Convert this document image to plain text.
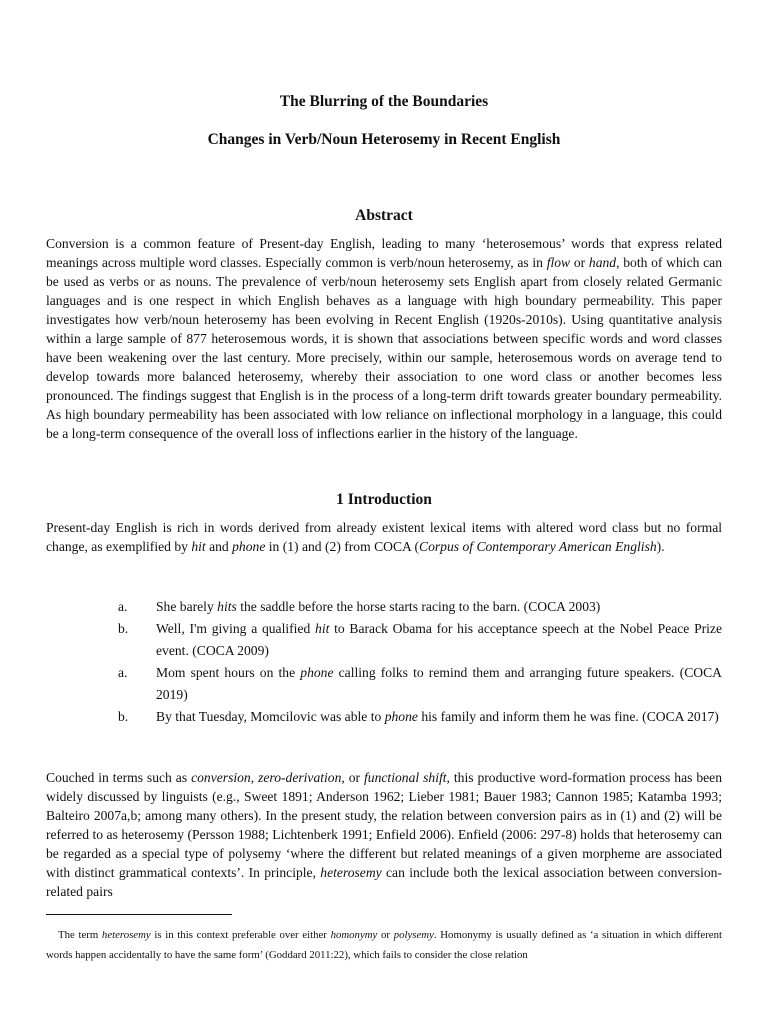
The Blurring of the Boundaries
Changes in Verb/Noun Heterosemy in Recent English
Abstract

Conversion is a common feature of Present-day English, leading to many ‘heterosemous’ words that express related meanings across multiple word classes. Especially common is verb/noun heterosemy, as in flow or hand, both of which can be used as verbs or as nouns. The prevalence of verb/noun heterosemy sets English apart from closely related Germanic languages and is one respect in which English behaves as a language with high boundary permeability. This paper investigates how verb/noun heterosemy has been evolving in Recent English (1920s-2010s). Using quantitative analysis within a large sample of 877 heterosemous words, it is shown that associations between specific words and word classes have been weakening over the last century. More precisely, within our sample, heterosemous words on average tend to develop towards more balanced heterosemy, whereby their association to one word class or another becomes less pronounced. The findings suggest that English is in the process of a long-term drift towards greater boundary permeability. As high boundary permeability has been associated with low reliance on inflectional morphology in a language, this could be a long-term consequence of the overall loss of inflections earlier in the history of the language.

1 Introduction

Present-day English is rich in words derived from already existent lexical items with altered word class but no formal change, as exemplified by hit and phone in (1) and (2) from COCA (Corpus of Contemporary American English).

a.	She barely hits the saddle before the horse starts racing to the barn. (COCA 2003)
b.	Well, I'm giving a qualified hit to Barack Obama for his acceptance speech at the Nobel Peace Prize event. (COCA 2009)
a.	Mom spent hours on the phone calling folks to remind them and arranging future speakers. (COCA 2019)
b.	By that Tuesday, Momcilovic was able to phone his family and inform them he was fine. (COCA 2017)

Couched in terms such as conversion, zero-derivation, or functional shift, this productive word-formation process has been widely discussed by linguists (e.g., Sweet 1891; Anderson 1962; Lieber 1981; Bauer 1983; Cannon 1985; Katamba 1993; Balteiro 2007a,b; among many others). In the present study, the relation between conversion pairs as in (1) and (2) will be referred to as heterosemy (Persson 1988; Lichtenberk 1991; Enfield 2006). Enfield (2006: 297-8) holds that heterosemy can be regarded as a special type of polysemy ‘where the different but related meanings of a given morpheme are associated with distinct grammatical contexts’. In principle, heterosemy can include both the lexical association between conversion-related pairs

The term heterosemy is in this context preferable over either homonymy or polysemy. Homonymy is usually defined as ‘a situation in which different words happen accidentally to have the same form’ (Goddard 2011:22), which fails to consider the close relation
